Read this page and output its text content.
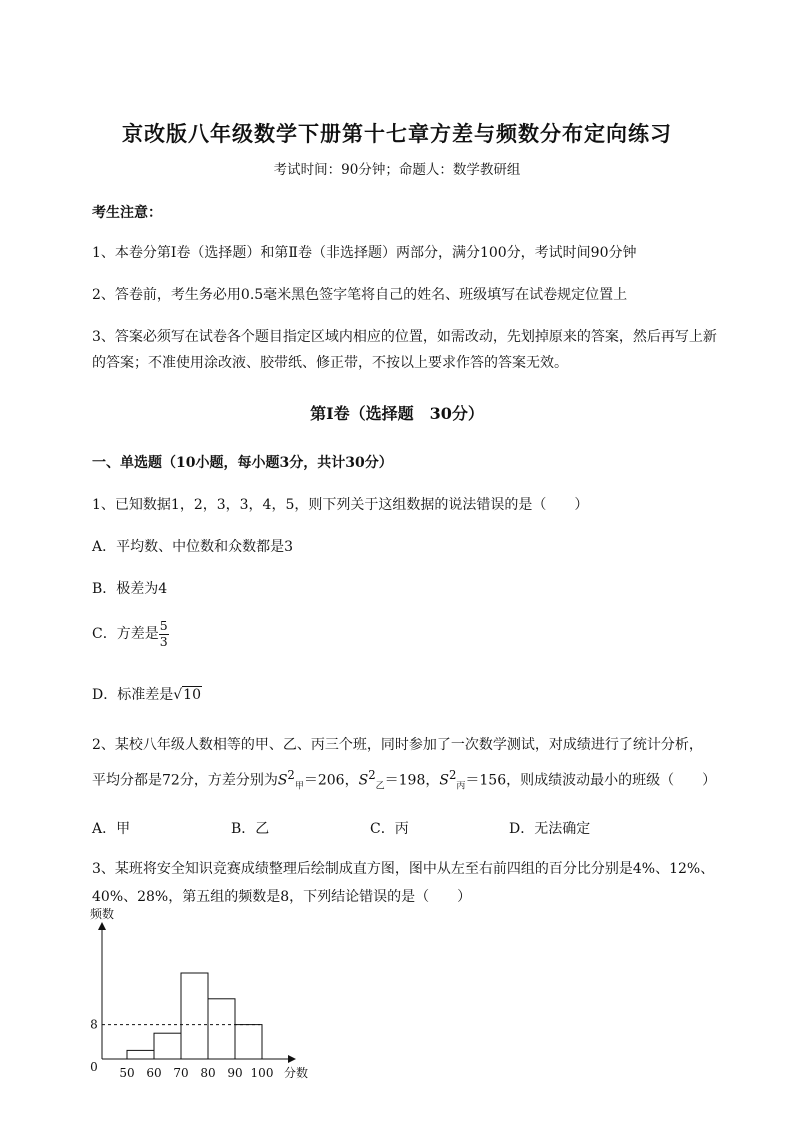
京改版八年级数学下册第十七章方差与频数分布定向练习
考试时间：90分钟；命题人：数学教研组
考生注意：
1、本卷分第Ⅰ卷（选择题）和第Ⅱ卷（非选择题）两部分，满分100分，考试时间90分钟
2、答卷前，考生务必用0.5毫米黑色签字笔将自己的姓名、班级填写在试卷规定位置上
3、答案必须写在试卷各个题目指定区域内相应的位置，如需改动，先划掉原来的答案，然后再写上新
的答案；不准使用涂改液、胶带纸、修正带，不按以上要求作答的答案无效。
第Ⅰ卷（选择题　30分）
一、单选题（10小题，每小题3分，共计30分）
1、已知数据1，2，3，3，4，5，则下列关于这组数据的说法错误的是（　　）
A．平均数、中位数和众数都是3
B．极差为4
C．方差是 $\frac{5}{3}$
D．标准差是√10
2、某校八年级人数相等的甲、乙、丙三个班，同时参加了一次数学测试，对成绩进行了统计分析，
平均分都是72分，方差分别为$S^2_甲=206$，$S^2_乙=198$，$S^2_丙=156$，则成绩波动最小的班级（　　）
A．甲	B．乙	C．丙	D．无法确定
3、某班将安全知识竞赛成绩整理后绘制成直方图，图中从左至右前四组的百分比分别是4%、12%、
40%、28%，第五组的频数是8，下列结论错误的是（　　）
频数
分数
0
8
50 60 70 80 90 100
